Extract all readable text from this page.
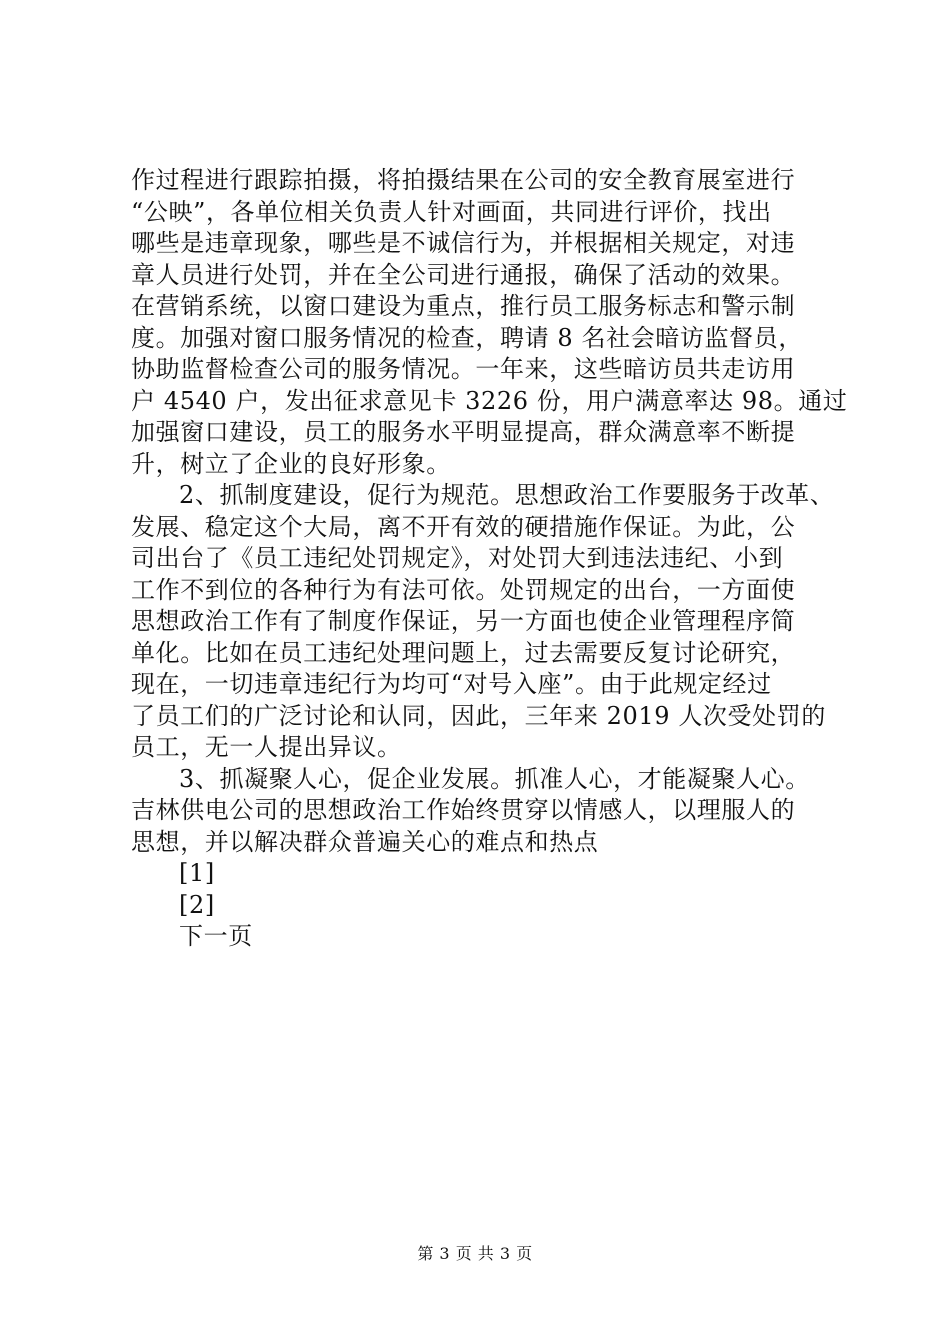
作过程进行跟踪拍摄，将拍摄结果在公司的安全教育展室进行
“公映”，各单位相关负责人针对画面，共同进行评价，找出
哪些是违章现象，哪些是不诚信行为，并根据相关规定，对违
章人员进行处罚，并在全公司进行通报，确保了活动的效果。
在营销系统，以窗口建设为重点，推行员工服务标志和警示制
度。加强对窗口服务情况的检查，聘请 8 名社会暗访监督员，
协助监督检查公司的服务情况。一年来，这些暗访员共走访用
户 4540 户，发出征求意见卡 3226 份，用户满意率达 98。通过
加强窗口建设，员工的服务水平明显提高，群众满意率不断提
升，树立了企业的良好形象。
2、抓制度建设，促行为规范。思想政治工作要服务于改革、
发展、稳定这个大局，离不开有效的硬措施作保证。为此，公
司出台了《员工违纪处罚规定》，对处罚大到违法违纪、小到
工作不到位的各种行为有法可依。处罚规定的出台，一方面使
思想政治工作有了制度作保证，另一方面也使企业管理程序简
单化。比如在员工违纪处理问题上，过去需要反复讨论研究，
现在，一切违章违纪行为均可“对号入座”。由于此规定经过
了员工们的广泛讨论和认同，因此，三年来 2019 人次受处罚的
员工，无一人提出异议。
3、抓凝聚人心，促企业发展。抓准人心，才能凝聚人心。
吉林供电公司的思想政治工作始终贯穿以情感人，以理服人的
思想，并以解决群众普遍关心的难点和热点
[1]
[2]
下一页
第 3 页 共 3 页
